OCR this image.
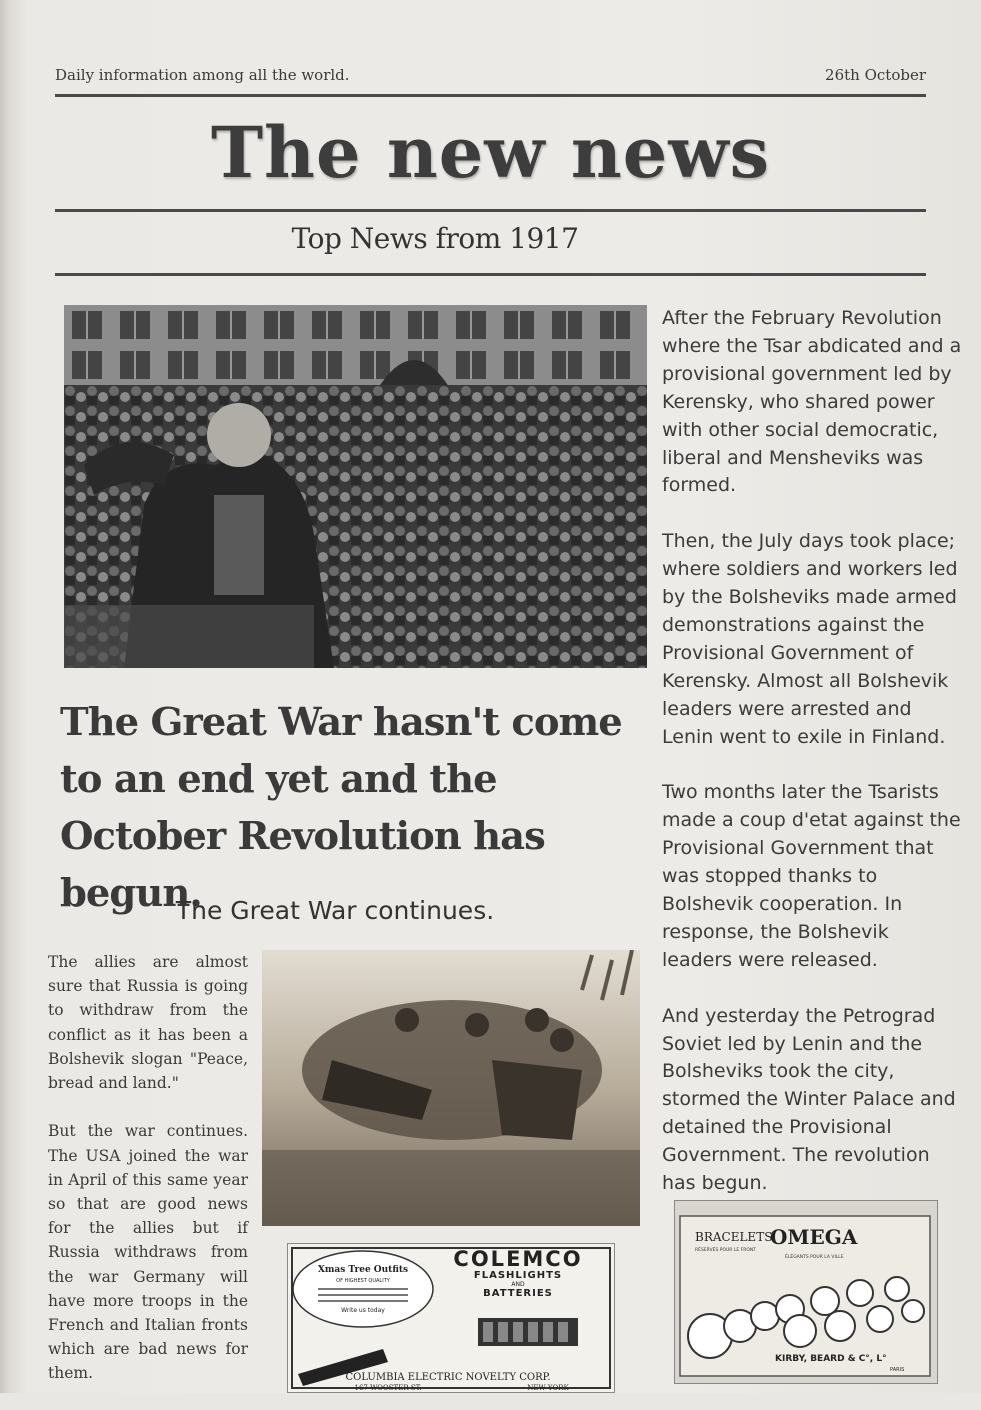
Daily information among all the world.	26th October
The new news
Top News from 1917

After the February Revolution where the Tsar abdicated and a provisional government led by Kerensky, who shared power with other social democratic, liberal and Mensheviks was formed.

Then, the July days took place; where soldiers and workers led by the Bolsheviks made armed demonstrations against the Provisional Government of Kerensky. Almost all Bolshevik leaders were arrested and Lenin went to exile in Finland.

Two months later the Tsarists made a coup d'etat against the Provisional Government that was stopped thanks to Bolshevik cooperation. In response, the Bolshevik leaders were released.

And yesterday the Petrograd Soviet led by Lenin and the Bolsheviks took the city, stormed the Winter Palace and detained the Provisional Government. The revolution has begun.

The Great War hasn't come to an end yet and the October Revolution has begun.
The Great War continues.

The allies are almost sure that Russia is going to withdraw from the conflict as it has been a Bolshevik slogan "Peace, bread and land."

But the war continues. The USA joined the war in April of this same year so that are good news for the allies but if Russia withdraws from the war Germany will have more troops in the French and Italian fronts which are bad news for them.

Xmas Tree Outfits
OF HIGHEST QUALITY
Write us today
COLEMCO
FLASHLIGHTS
AND
BATTERIES
COLUMBIA ELECTRIC NOVELTY CORP.
167 WOOSTER ST.	NEW YORK
BRACELETS
OMEGA
RÉSERVÉS POUR LE FRONT
ÉLÉGANTS POUR LA VILLE
KIRBY, BEARD & C°, L°
PARIS
